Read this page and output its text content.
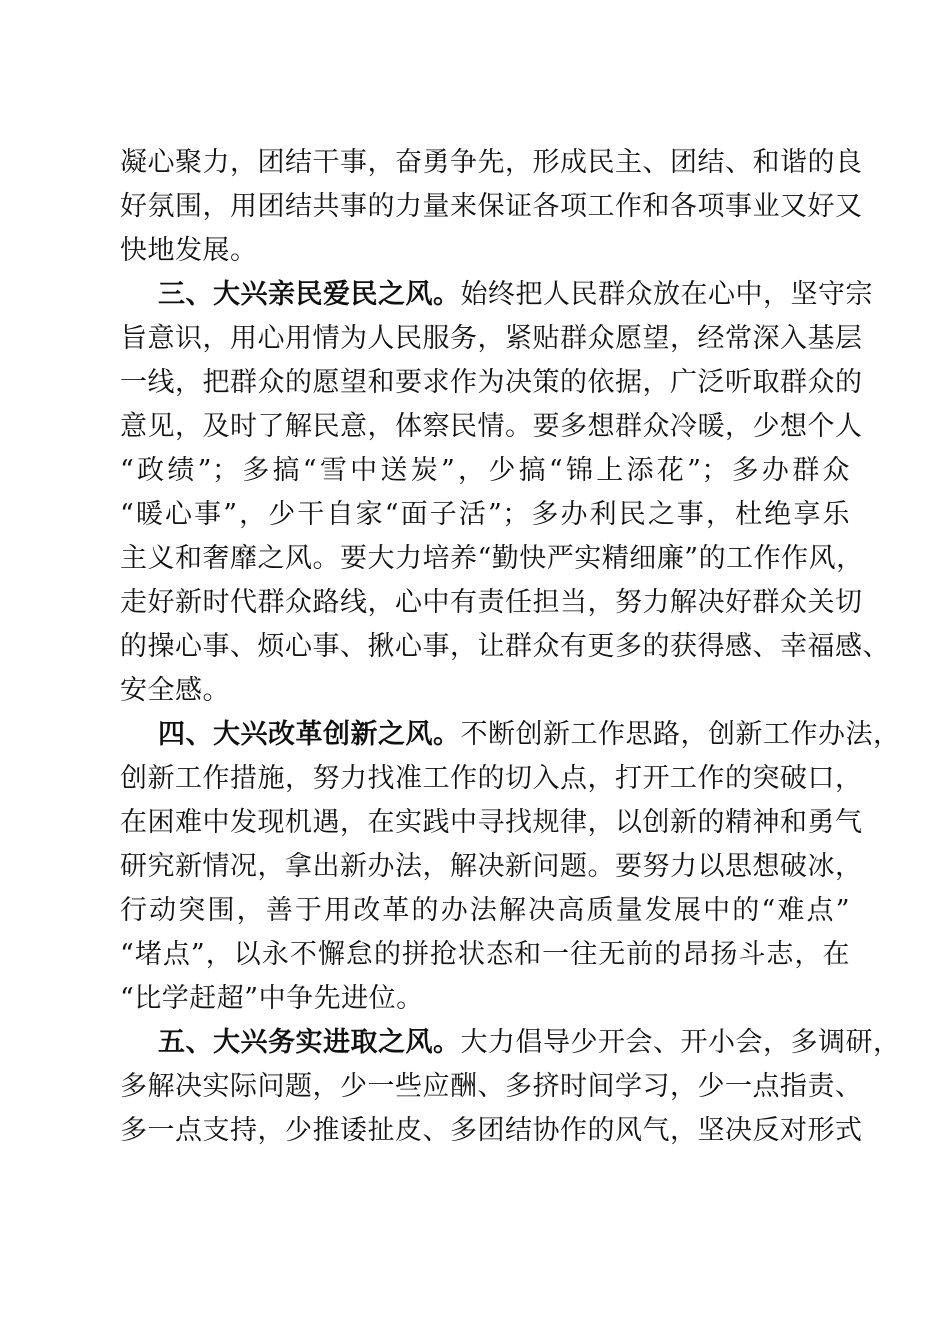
凝心聚力，团结干事，奋勇争先，形成民主、团结、和谐的良
好氛围，用团结共事的力量来保证各项工作和各项事业又好又
快地发展。
三、大兴亲民爱民之风。始终把人民群众放在心中，坚守宗
旨意识，用心用情为人民服务，紧贴群众愿望，经常深入基层
一线，把群众的愿望和要求作为决策的依据，广泛听取群众的
意见，及时了解民意，体察民情。要多想群众冷暖，少想个人
“政绩”；多搞“雪中送炭”，少搞“锦上添花”；多办群众
“暖心事”，少干自家“面子活”；多办利民之事，杜绝享乐
主义和奢靡之风。要大力培养“勤快严实精细廉”的工作作风，
走好新时代群众路线，心中有责任担当，努力解决好群众关切
的操心事、烦心事、揪心事，让群众有更多的获得感、幸福感、
安全感。
四、大兴改革创新之风。不断创新工作思路，创新工作办法，
创新工作措施，努力找准工作的切入点，打开工作的突破口，
在困难中发现机遇，在实践中寻找规律，以创新的精神和勇气
研究新情况，拿出新办法，解决新问题。要努力以思想破冰，
行动突围，善于用改革的办法解决高质量发展中的“难点”
“堵点”，以永不懈怠的拼抢状态和一往无前的昂扬斗志，在
“比学赶超”中争先进位。
五、大兴务实进取之风。大力倡导少开会、开小会，多调研，
多解决实际问题，少一些应酬、多挤时间学习，少一点指责、
多一点支持，少推诿扯皮、多团结协作的风气，坚决反对形式
